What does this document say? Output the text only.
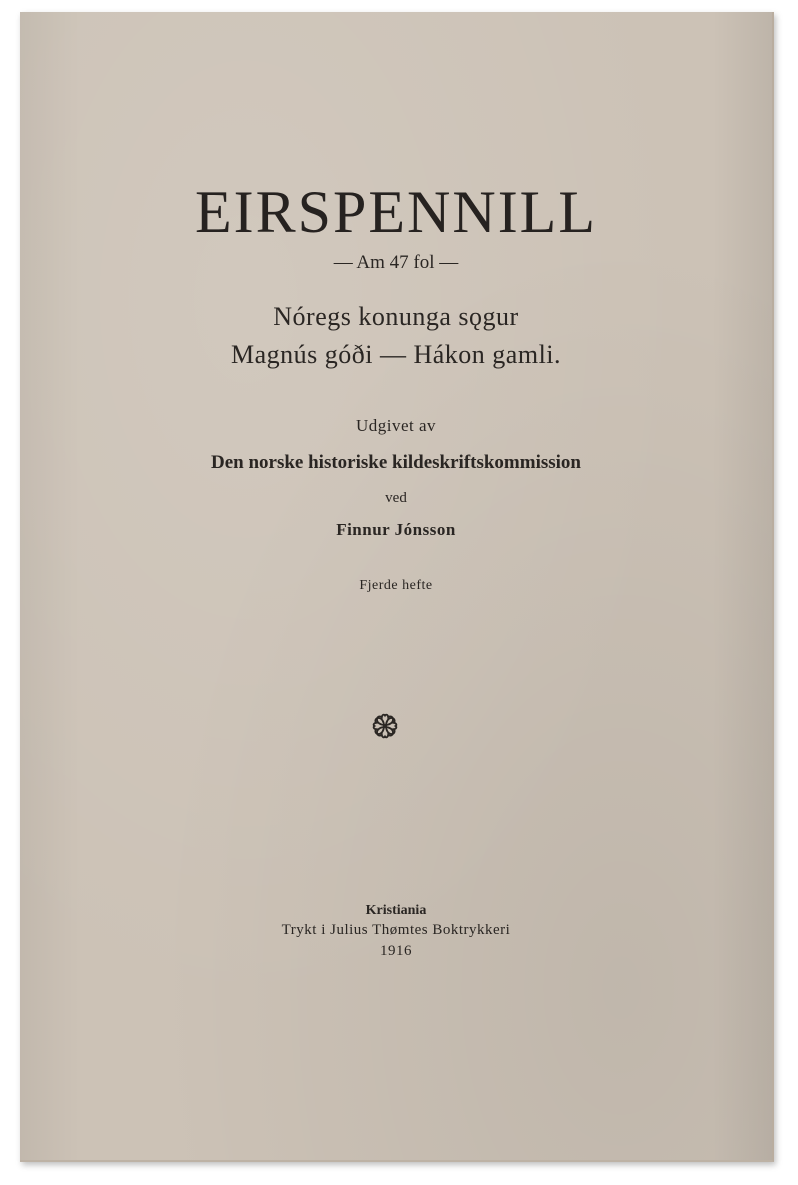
EIRSPENNILL
— Am 47 fol —
Nóregs konunga sǫgur
Magnús góði — Hákon gamli.
Udgivet av
Den norske historiske kildeskriftskommission
ved
Finnur Jónsson
Fjerde hefte
Kristiania
Trykt i Julius Thømtes Boktrykkeri
1916
